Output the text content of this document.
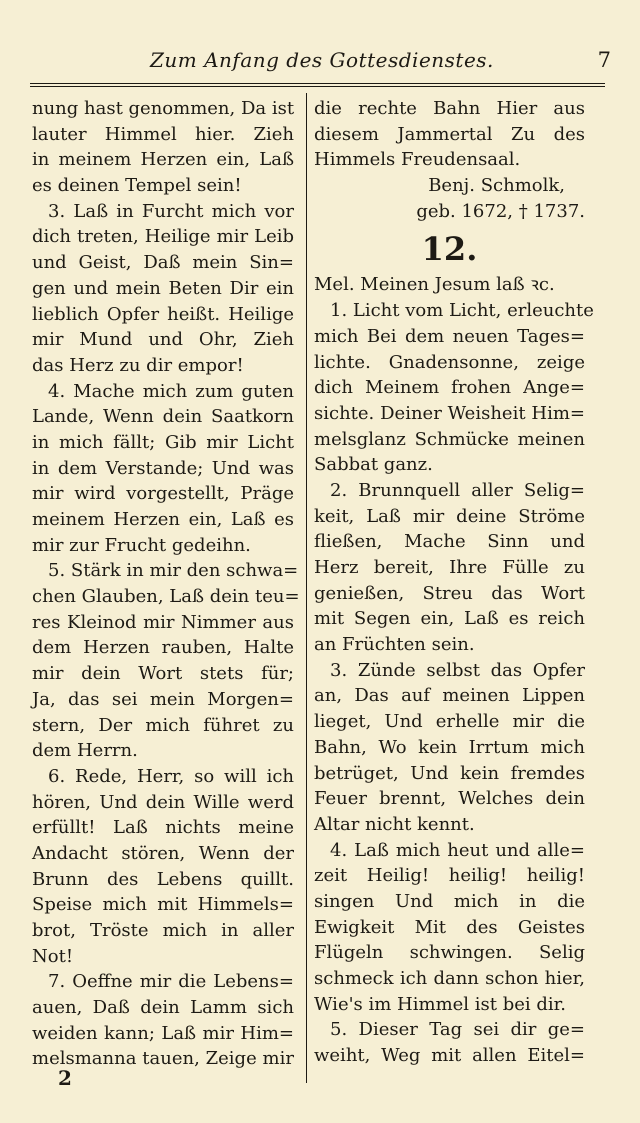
Zum Anfang des Gottesdienstes.	7
nung hast genommen, Da ist
lauter Himmel hier. Zieh
in meinem Herzen ein, Laß
es deinen Tempel sein!
3. Laß in Furcht mich vor
dich treten, Heilige mir Leib
und Geist, Daß mein Sin=
gen und mein Beten Dir ein
lieblich Opfer heißt. Heilige
mir Mund und Ohr, Zieh
das Herz zu dir empor!
4. Mache mich zum guten
Lande, Wenn dein Saatkorn
in mich fällt; Gib mir Licht
in dem Verstande; Und was
mir wird vorgestellt, Präge
meinem Herzen ein, Laß es
mir zur Frucht gedeihn.
5. Stärk in mir den schwa=
chen Glauben, Laß dein teu=
res Kleinod mir Nimmer aus
dem Herzen rauben, Halte
mir dein Wort stets für;
Ja, das sei mein Morgen=
stern, Der mich führet zu
dem Herrn.
6. Rede, Herr, so will ich
hören, Und dein Wille werd
erfüllt! Laß nichts meine
Andacht stören, Wenn der
Brunn des Lebens quillt.
Speise mich mit Himmels=
brot, Tröste mich in aller
Not!
7. Oeffne mir die Lebens=
auen, Daß dein Lamm sich
weiden kann; Laß mir Him=
melsmanna tauen, Zeige mir
die rechte Bahn Hier aus
diesem Jammertal Zu des
Himmels Freudensaal.
Benj. Schmolk,
geb. 1672, † 1737.
12.
Mel. Meinen Jesum laß ꝛc.
1. Licht vom Licht, erleuchte
mich Bei dem neuen Tages=
lichte. Gnadensonne, zeige
dich Meinem frohen Ange=
sichte. Deiner Weisheit Him=
melsglanz Schmücke meinen
Sabbat ganz.
2. Brunnquell aller Selig=
keit, Laß mir deine Ströme
fließen, Mache Sinn und
Herz bereit, Ihre Fülle zu
genießen, Streu das Wort
mit Segen ein, Laß es reich
an Früchten sein.
3. Zünde selbst das Opfer
an, Das auf meinen Lippen
lieget, Und erhelle mir die
Bahn, Wo kein Irrtum mich
betrüget, Und kein fremdes
Feuer brennt, Welches dein
Altar nicht kennt.
4. Laß mich heut und alle=
zeit Heilig! heilig! heilig!
singen Und mich in die
Ewigkeit Mit des Geistes
Flügeln schwingen. Selig
schmeck ich dann schon hier,
Wie's im Himmel ist bei dir.
5. Dieser Tag sei dir ge=
weiht, Weg mit allen Eitel=
2
